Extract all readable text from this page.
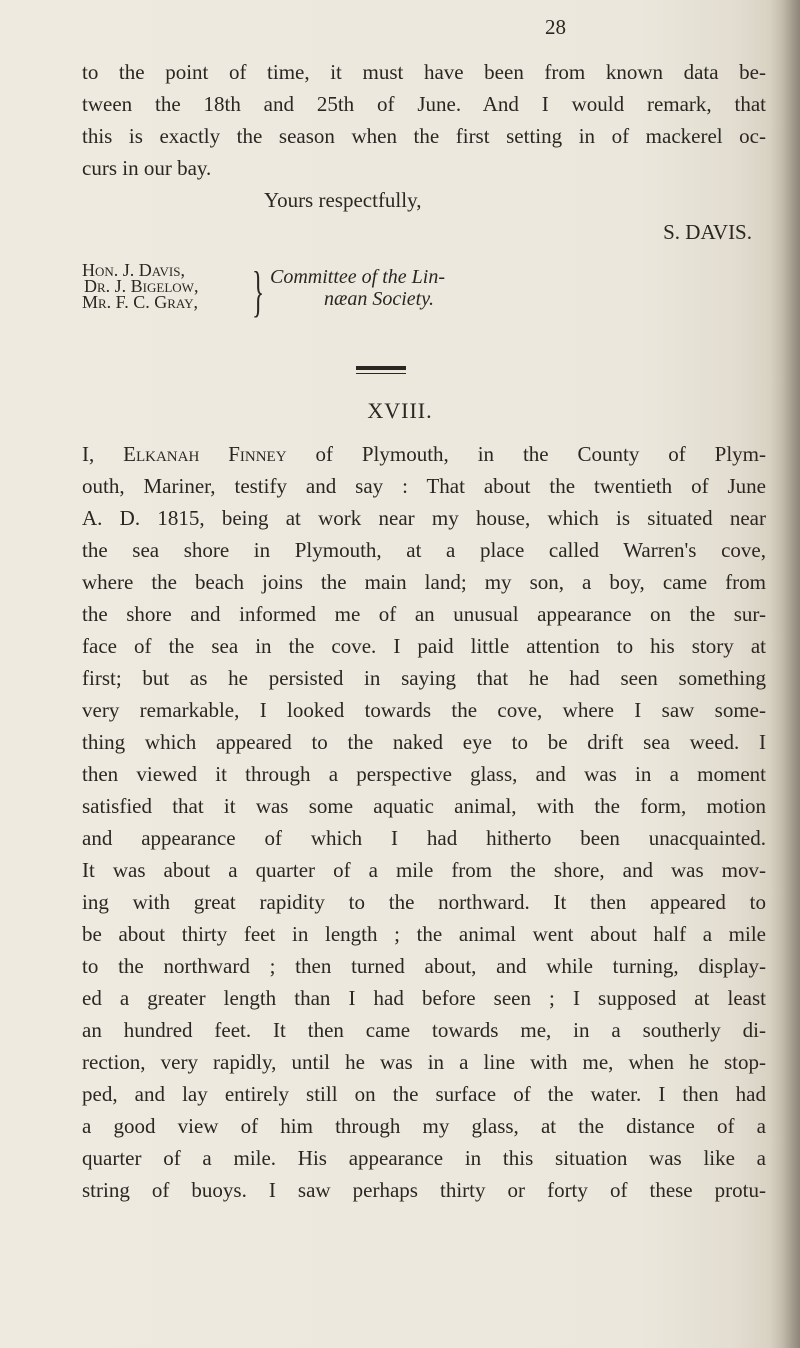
28

to the point of time, it must have been from known data be-

tween the 18th and 25th of June. And I would remark, that

this is exactly the season when the first setting in of mackerel oc-

curs in our bay.

Yours respectfully,
S. DAVIS.
Hon. J. Davis,
Dr. J. Bigelow,
Mr. F. C. Gray, } Committee of the Lin-
næan Society.
XVIII.

I, Elkanah Finney of Plymouth, in the County of Plym-

outh, Mariner, testify and say : That about the twentieth of June

A. D. 1815, being at work near my house, which is situated near

the sea shore in Plymouth, at a place called Warren's cove,

where the beach joins the main land; my son, a boy, came from

the shore and informed me of an unusual appearance on the sur-

face of the sea in the cove. I paid little attention to his story at

first; but as he persisted in saying that he had seen something

very remarkable, I looked towards the cove, where I saw some-

thing which appeared to the naked eye to be drift sea weed. I

then viewed it through a perspective glass, and was in a moment

satisfied that it was some aquatic animal, with the form, motion

and appearance of which I had hitherto been unacquainted.

It was about a quarter of a mile from the shore, and was mov-

ing with great rapidity to the northward. It then appeared to

be about thirty feet in length ; the animal went about half a mile

to the northward ; then turned about, and while turning, display-

ed a greater length than I had before seen ; I supposed at least

an hundred feet. It then came towards me, in a southerly di-

rection, very rapidly, until he was in a line with me, when he stop-

ped, and lay entirely still on the surface of the water. I then had

a good view of him through my glass, at the distance of a

quarter of a mile. His appearance in this situation was like a

string of buoys. I saw perhaps thirty or forty of these protu-
